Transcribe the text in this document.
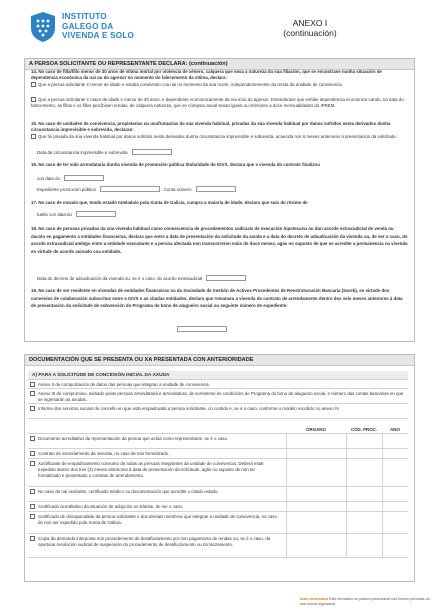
INSTITUTO
GALEGO DA
VIVENDA E SOLO
ANEXO I
(continuación)
A PERSOA SOLICITANTE OU REPRESENTANTE DECLARA: (continuación)
14. No caso de filla/fillo menor de 30 anos de vítima mortal por violencia de xénero, calquera que sexa a natureza da súa filiación, que se encontrase nunha situación de dependencia económica da nai ou do agresor no momento do falecemento da vítima, declara:
Que a persoa solicitante é menor de idade e estaba convivindo coa nai no momento da súa morte, independentemente da renda da unidade de convivencia.
Que a persoa solicitante é maior de idade e menor de 30 anos, e dependente economicamente da nai e/ou do agresor. Entenderase que exhibe dependencia económica cando, na data do falecemento, as fillas e os fillos percibisen rendas, de calquera natureza, que en cómputo anual sexan iguais ou inferiores a doce mensualidades do IPREM.
15. No caso de unidades de convivencia, propietarias ou usufrutuarias da súa vivenda habitual, privadas da súa vivenda habitual por danos sufridos nesta derivados dunha circunstancia imprevisible e sobrevida, declaran:
Que foi privada da súa vivenda habitual por danos sufridos nesta derivados dunha circunstancia imprevisible e sobrevida, acaecida nos 6 meses anteriores á presentación da solicitude.
Data da circunstancia imprevisible e sobrevida
16. No caso de ter sido arrendataria dunha vivenda de promoción pública titularidade do IGVS, declara que a vivenda do contrato finalizou
con data do
Expediente promoción pública	. Conta número
17. No caso de moza/o que, tendo estado tutelada/o pola Xunta de Galicia, cumpra a maioría de idade, declara que saíu do réxime de
tutela con data do
18. No caso de persoas privadas da súa vivenda habitual como consecuencia de procedementos xudiciais de execución hipotecaria ou dun acordo extraxudicial de venda ou dación en pagamento a entidades financeiras, declara que entre a data de presentación da solicitude da axuda e a data do decreto de adxudicación da vivenda ou, de ser o caso, do acordo extraxudicial ambígo entre a entidade executante e a persoa afectada non transcorreron máis de doce meses, agás no suposto de que se acredite a permanencia na vivenda en virtude de acordo asinado coa entidade.
Data do decreto de adxudicación da vivenda ou, se é o caso, do acordo extraxudicial
19. No caso de ser residente en vivendas de entidades financeiras ou da Sociedade de Xestión de Activos Procedentes de Reestruturación Bancaria (Sareb), en virtude dos convenios de colaboración subscritos entre o IGVS e as citadas entidades, declara que remataou a vivenda do contrato de arrendamento dentro dos seis meses anteriores á data de presentación da solicitude de subvención do Programa do bono de alugueiro social ou seguinte número de expediente:
DOCUMENTACIÓN QUE SE PRESENTA OU XA PRESENTADA CON ANTERIORIDADE
A) PARA A SOLICITUDE DE CONCESIÓN INICIAL DA AXUDA
Anexo II de comprobación de datos das persoas que integran a unidade de convivencia.
Anexo III de compromiso, asinado polas persoas arrendataria e arrendadora, de someterse ás condicións do Programa do bono de alugueiro social, e número das contas bancarias en que se ingresarán as axudas.
Informe dos servizos sociais do concello en que está empadroada a persoa solicitante, co contido e, se é o caso, conforme o modelo recollido no anexo IV.
ÓRGANO	CÓD. PROC.	ANO
Documento acreditativo da representación da persoa que actúa como representante, se é o caso.
Contrato de arrendamento da vivenda, no caso de telo formalizado.
Xustificante de empadroamento conxunto de todas as persoas integrantes da unidade de convivencia. Deberá estar expedido dentro dos tres (3) meses anteriores á data de presentación da solicitude, agás no suposto de non ter formalizado e presentado o contrato de arrendamento.
No caso de nai vexitante, certificado médico ou documentación que acredite o citado estado.
Certificado acreditativo da situación de adopción en trámite, de ser o caso.
Certificado de discapacidade da persoa solicitante e dos demais membros que integran a unidade de convivencia, no caso de non ser expedido pola Xunta de Galicia.
Copia da demanda interposta nun procedemento de desafiuzamento por non pagamento de rendas ou, se é o caso, da oportuna resolución xudicial de suspensión do procedemento de desafiuzamento ou do lanzamento.
sede electrónica Este formulario só poderá presentarse nas formas previstas na súa norma reguladora
